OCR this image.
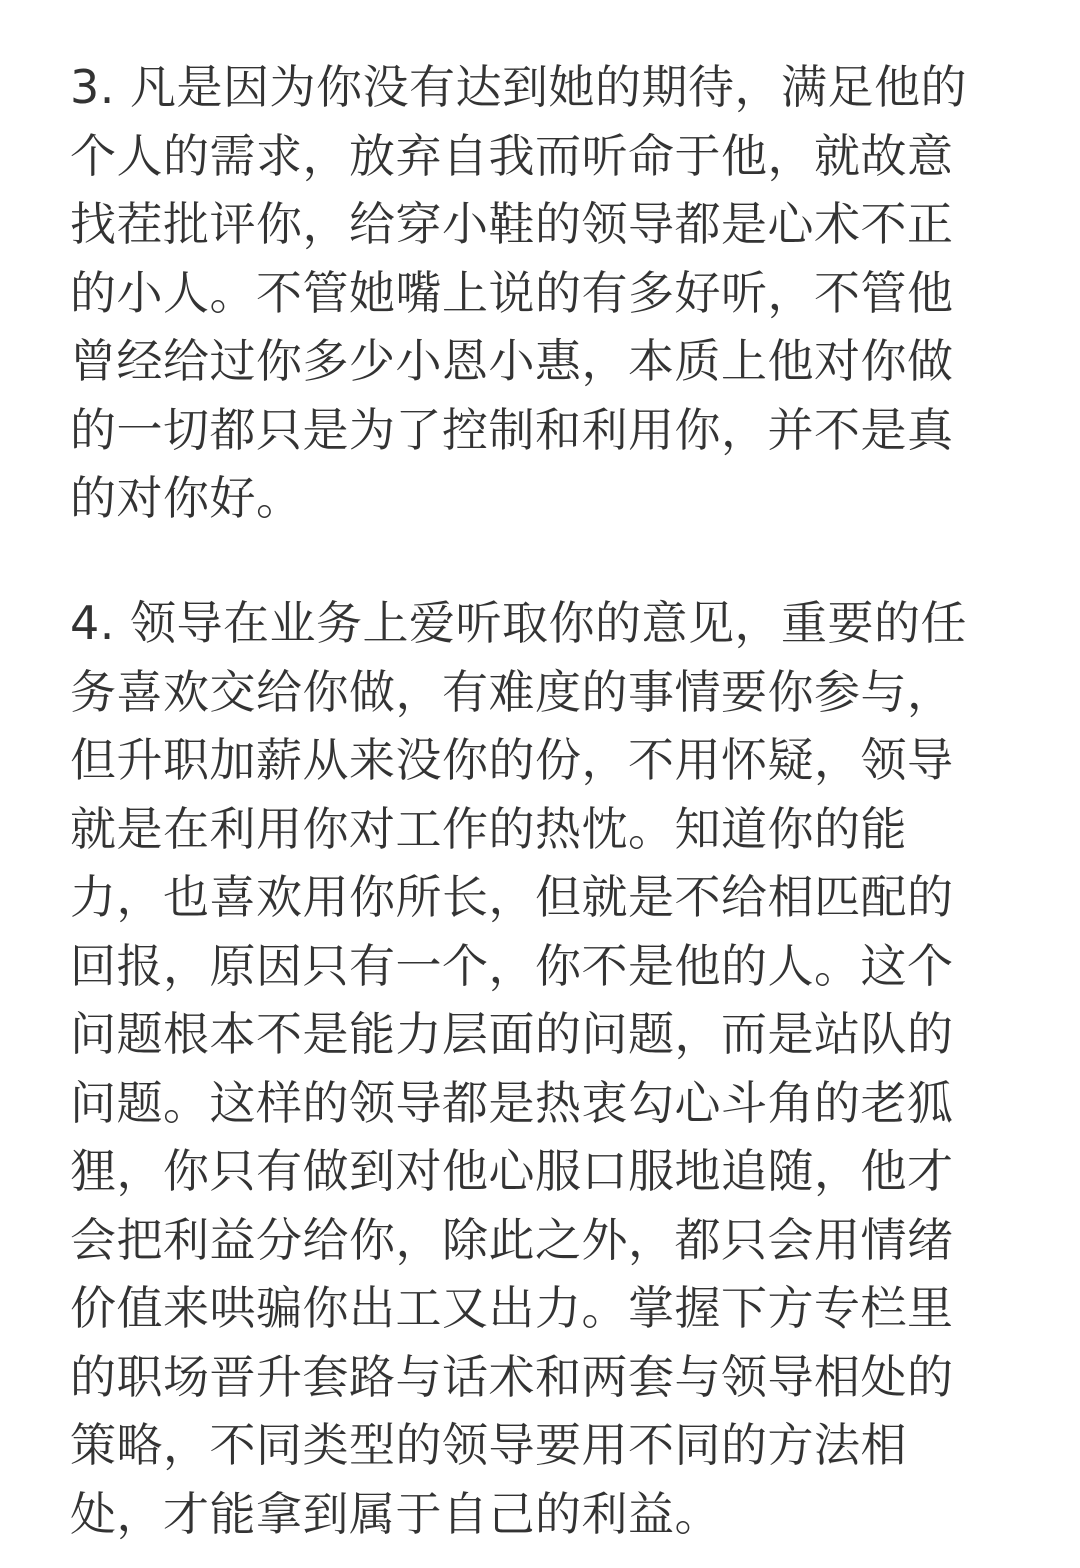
3. 凡是因为你没有达到她的期待，满足他的
个人的需求，放弃自我而听命于他，就故意
找茬批评你，给穿小鞋的领导都是心术不正
的小人。不管她嘴上说的有多好听，不管他
曾经给过你多少小恩小惠，本质上他对你做
的一切都只是为了控制和利用你，并不是真
的对你好。
4. 领导在业务上爱听取你的意见，重要的任
务喜欢交给你做，有难度的事情要你参与，
但升职加薪从来没你的份，不用怀疑，领导
就是在利用你对工作的热忱。知道你的能
力，也喜欢用你所长，但就是不给相匹配的
回报，原因只有一个，你不是他的人。这个
问题根本不是能力层面的问题，而是站队的
问题。这样的领导都是热衷勾心斗角的老狐
狸，你只有做到对他心服口服地追随，他才
会把利益分给你，除此之外，都只会用情绪
价值来哄骗你出工又出力。掌握下方专栏里
的职场晋升套路与话术和两套与领导相处的
策略，不同类型的领导要用不同的方法相
处，才能拿到属于自己的利益。
